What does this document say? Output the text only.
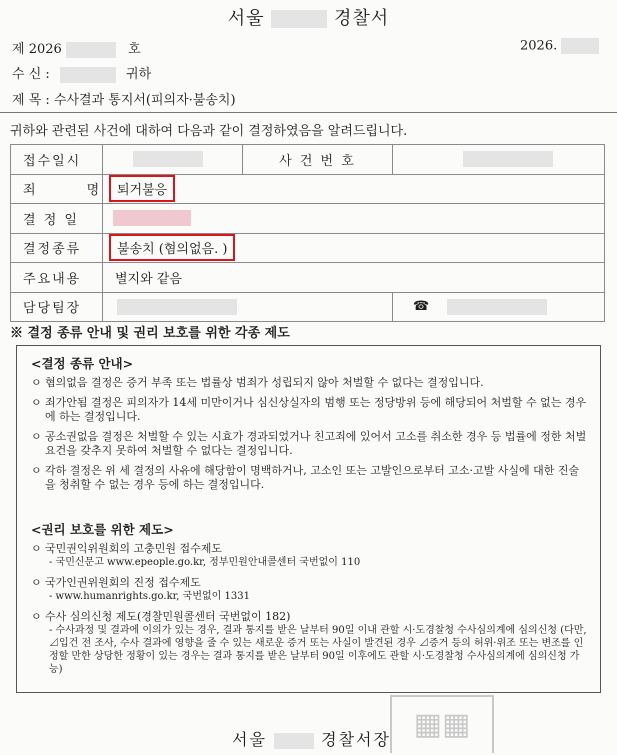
서울	경찰서
제 2026	호	2026.
수 신 :	귀하
제 목 : 수사결과 통지서(피의자·불송치)
귀하와 관련된 사건에 대하여 다음과 같이 결정하였음을 알려드립니다.
접수일시		사 건 번 호	
죄        명	퇴거불응		
결 정 일			
결정종류	불송치 (혐의없음. )		
주요내용	별지와 같음		
담당팀장			☎
※ 결정 종류 안내 및 권리 보호를 위한 각종 제도
<결정 종류 안내>
ㅇ 혐의없음 결정은 증거 부족 또는 법률상 범죄가 성립되지 않아 처벌할 수 없다는 결정입니다.
ㅇ 죄가안됨 결정은 피의자가 14세 미만이거나 심신상실자의 범행 또는 정당방위 등에 해당되어 처벌할 수 없는 경우에 하는 결정입니다.
ㅇ 공소권없음 결정은 처벌할 수 있는 시효가 경과되었거나 친고죄에 있어서 고소를 취소한 경우 등 법률에 정한 처벌요건을 갖추지 못하여 처벌할 수 없다는 결정입니다.
ㅇ 각하 결정은 위 세 결정의 사유에 해당함이 명백하거나, 고소인 또는 고발인으로부터 고소·고발 사실에 대한 진술을 청취할 수 없는 경우 등에 하는 결정입니다.
<권리 보호를 위한 제도>
ㅇ 국민권익위원회의 고충민원 접수제도
- 국민신문고 www.epeople.go.kr, 정부민원안내콜센터 국번없이 110
ㅇ 국가인권위원회의 진정 접수제도
- www.humanrights.go.kr, 국번없이 1331
ㅇ 수사 심의신청 제도(경찰민원콜센터 국번없이 182)
- 수사과정 및 결과에 이의가 있는 경우, 결과 통지를 받은 날부터 90일 이내 관할 시·도경찰청 수사심의계에 심의신청 (다만, ⊿입건 전 조사, 수사 결과에 영향을 줄 수 있는 새로운 증거 또는 사실이 발견된 경우 ⊿증거 등의 허위·위조 또는 변조를 인정할 만한 상당한 정황이 있는 경우는 결과 통지를 받은 날부터 90일 이후에도 관할 시·도경찰청 수사심의계에 심의신청 가능)
서울	경찰서장 ▦▦
